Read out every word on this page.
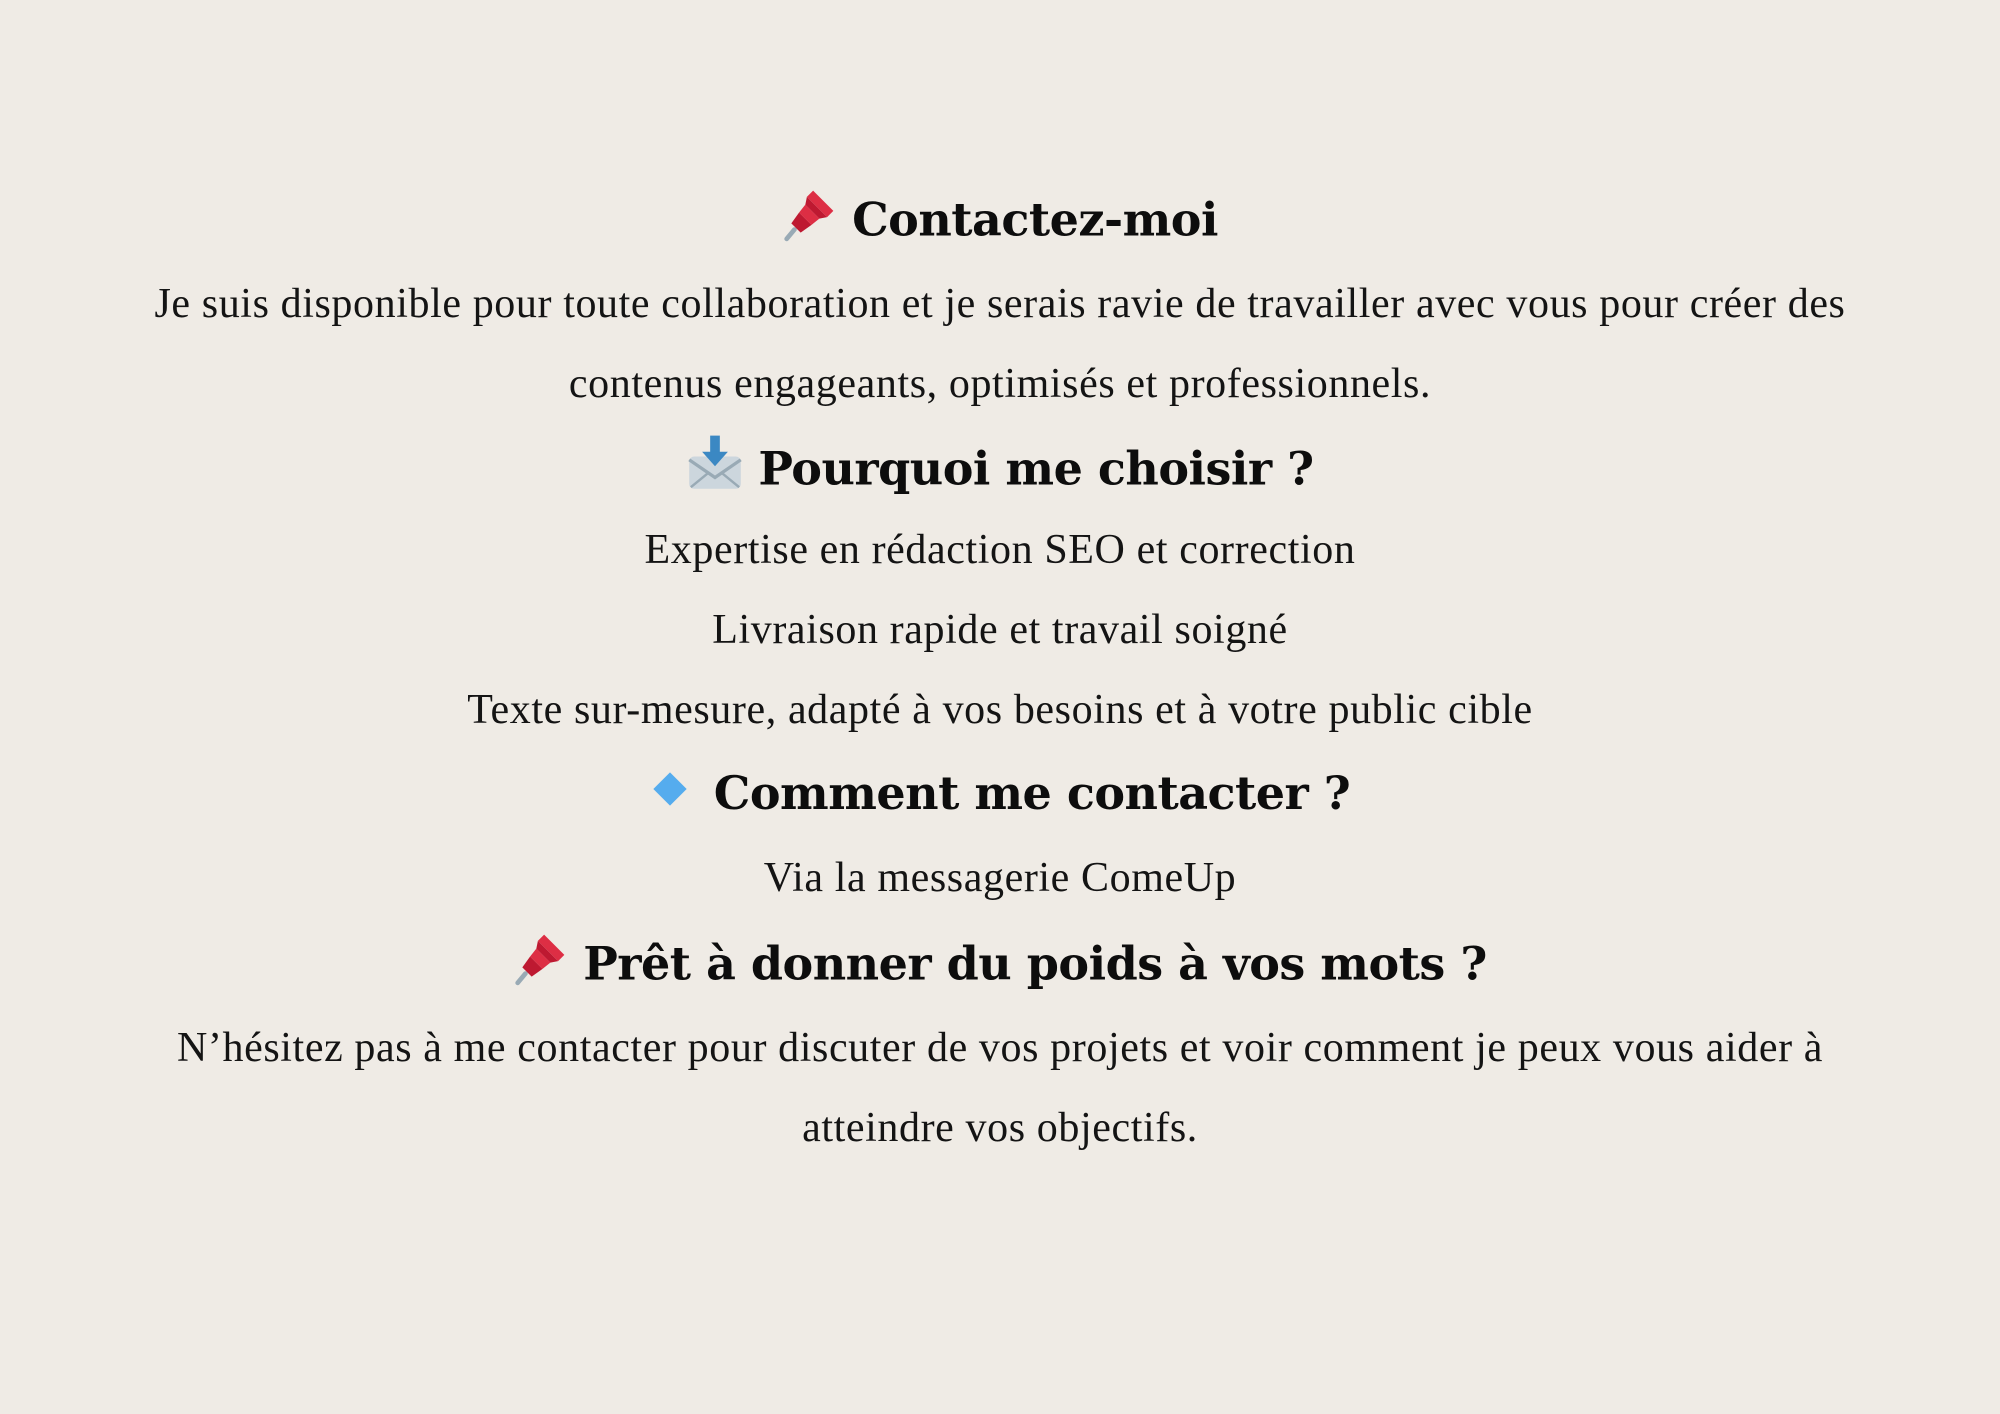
Contactez-moi
Je suis disponible pour toute collaboration et je serais ravie de travailler avec vous pour créer des
contenus engageants, optimisés et professionnels.
Pourquoi me choisir ?
Expertise en rédaction SEO et correction
Livraison rapide et travail soigné
Texte sur-mesure, adapté à vos besoins et à votre public cible
Comment me contacter ?
Via la messagerie ComeUp
Prêt à donner du poids à vos mots ?
N’hésitez pas à me contacter pour discuter de vos projets et voir comment je peux vous aider à
atteindre vos objectifs.
